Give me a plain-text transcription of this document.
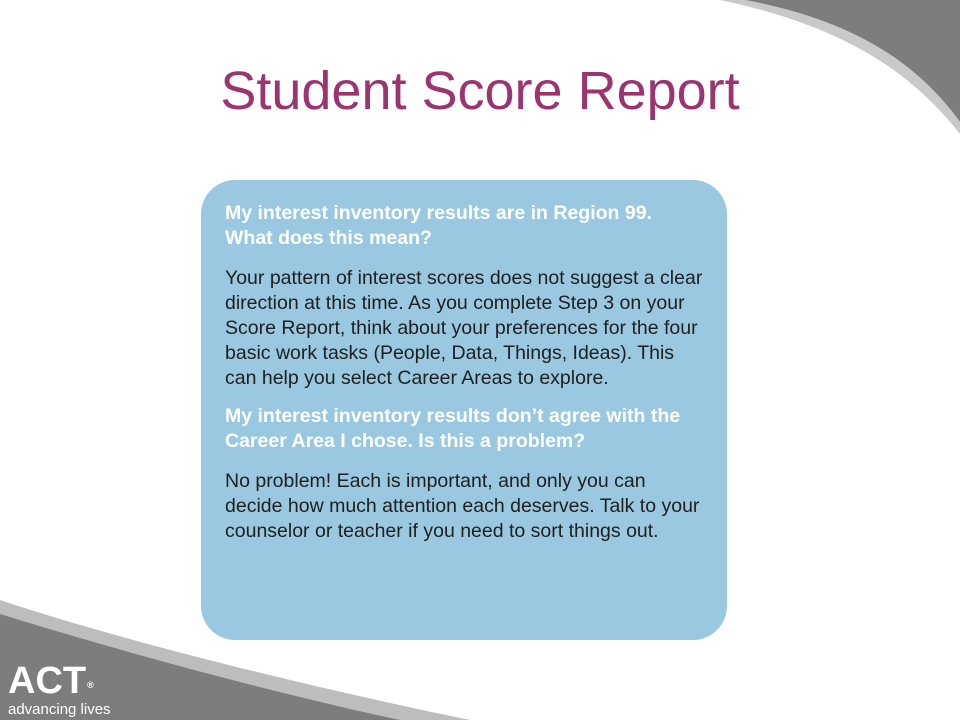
Student Score Report

My interest inventory results are in Region 99. What does this mean?

Your pattern of interest scores does not suggest a clear direction at this time. As you complete Step 3 on your Score Report, think about your preferences for the four basic work tasks (People, Data, Things, Ideas). This can help you select Career Areas to explore.

My interest inventory results don’t agree with the Career Area I chose. Is this a problem?

No problem! Each is important, and only you can decide how much attention each deserves. Talk to your counselor or teacher if you need to sort things out.

ACT®
advancing lives
